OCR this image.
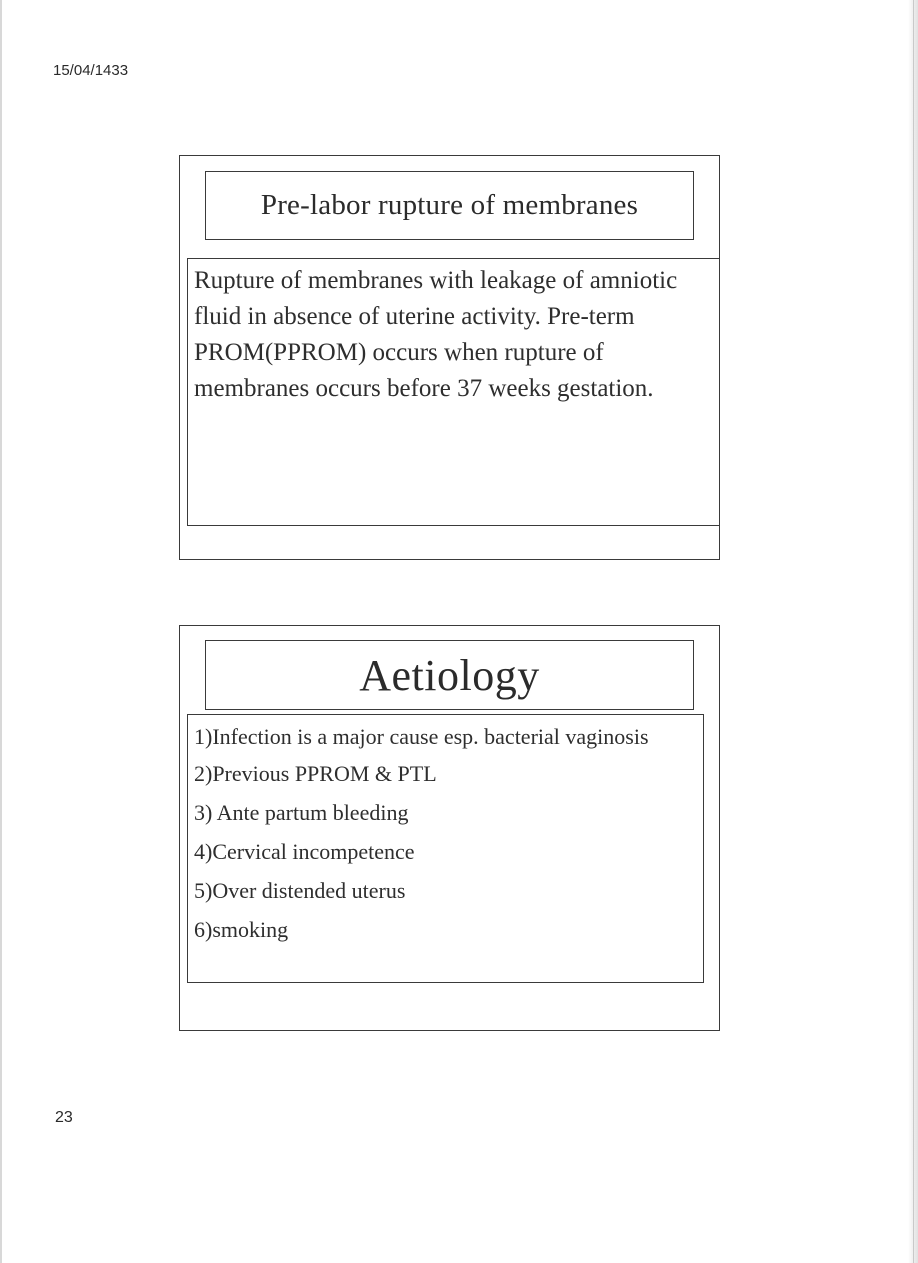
15/04/1433
Pre-labor rupture of membranes
Rupture of membranes with leakage of amniotic fluid in absence of uterine activity. Pre-term PROM(PPROM) occurs when rupture of membranes occurs before 37 weeks gestation.
Aetiology
1)Infection is a major cause esp. bacterial vaginosis
2)Previous PPROM & PTL
3) Ante partum bleeding
4)Cervical incompetence
5)Over distended uterus
6)smoking
23
